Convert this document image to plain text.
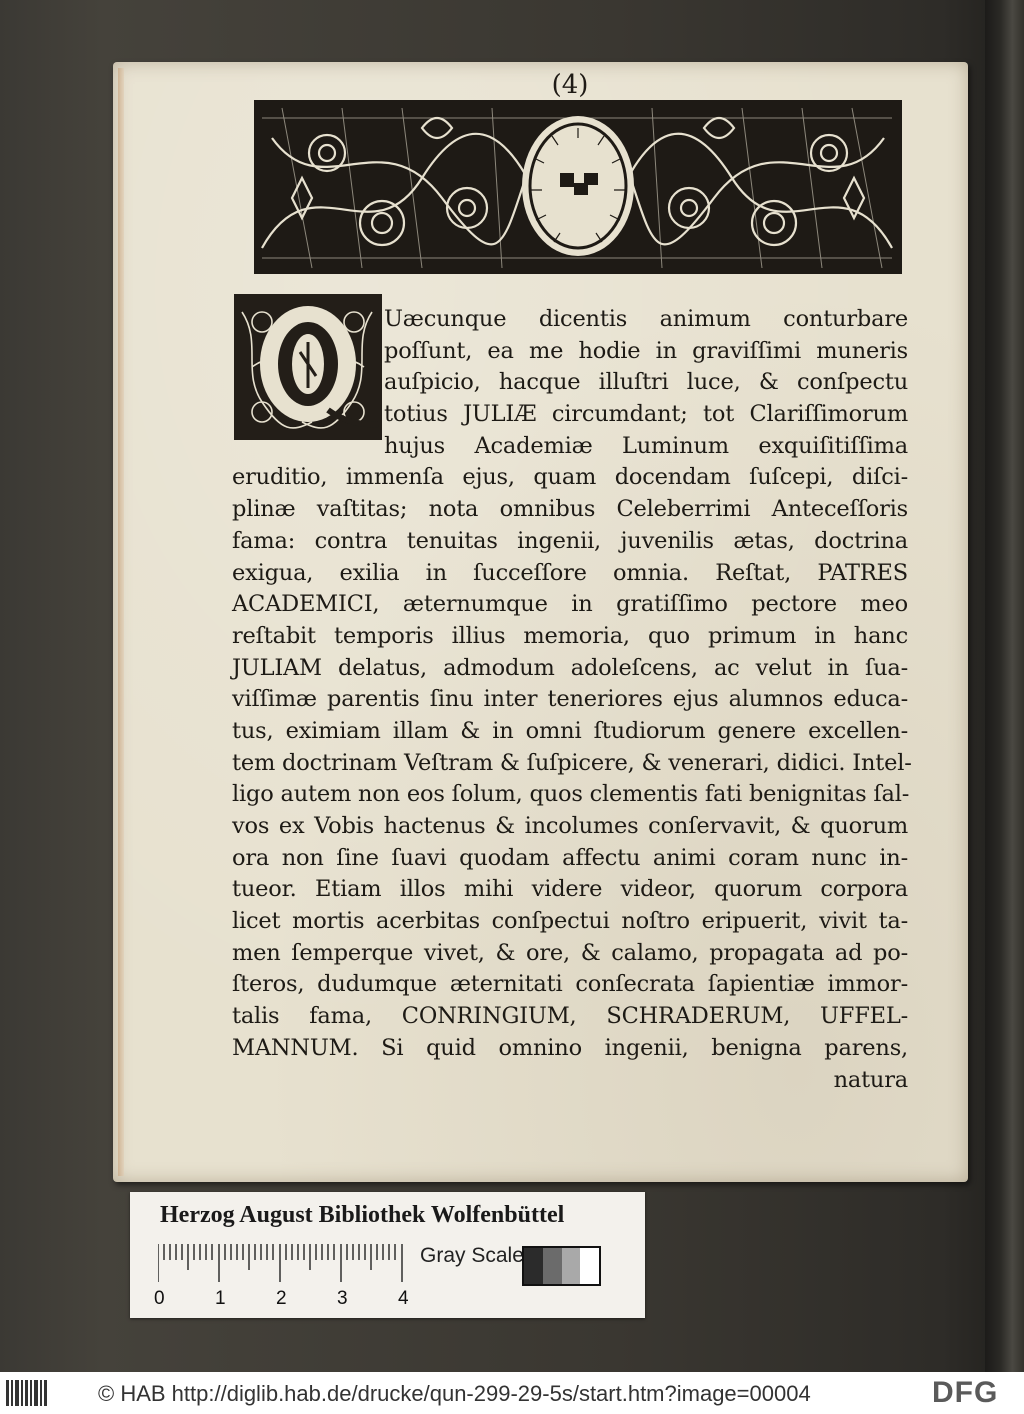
(4)
Uæcunque dicentis animum conturbare
poſſunt, ea me hodie in graviſſimi muneris
auſpicio, hacque illuſtri luce, & conſpectu
totius JULIÆ circumdant; tot Clariſſimorum
hujus Academiæ Luminum exquiſitiſſima
eruditio, immenſa ejus, quam docendam ſuſcepi, diſci-
plinæ vaſtitas; nota omnibus Celeberrimi Anteceſſoris
fama: contra tenuitas ingenii, juvenilis ætas, doctrina
exigua, exilia in ſucceſſore omnia. Reſtat, PATRES
ACADEMICI, æternumque in gratiſſimo pectore meo
reſtabit temporis illius memoria, quo primum in hanc
JULIAM delatus, admodum adoleſcens, ac velut in ſua-
viſſimæ parentis ſinu inter teneriores ejus alumnos educa-
tus, eximiam illam & in omni ſtudiorum genere excellen-
tem doctrinam Veſtram & ſuſpicere, & venerari, didici. Intel-
ligo autem non eos ſolum, quos clementis fati benignitas ſal-
vos ex Vobis hactenus & incolumes conſervavit, & quorum
ora non ſine ſuavi quodam affectu animi coram nunc in-
tueor. Etiam illos mihi videre videor, quorum corpora
licet mortis acerbitas conſpectui noſtro eripuerit, vivit ta-
men ſemperque vivet, & ore, & calamo, propagata ad po-
ſteros, dudumque æternitati conſecrata ſapientiæ immor-
talis fama, CONRINGIUM, SCHRADERUM, UFFEL-
MANNUM. Si quid omnino ingenii, benigna parens,
natura
Herzog August Bibliothek Wolfenbüttel
0	1	2	3	4
Gray Scale
© HAB http://diglib.hab.de/drucke/qun-299-29-5s/start.htm?image=00004	DFG
